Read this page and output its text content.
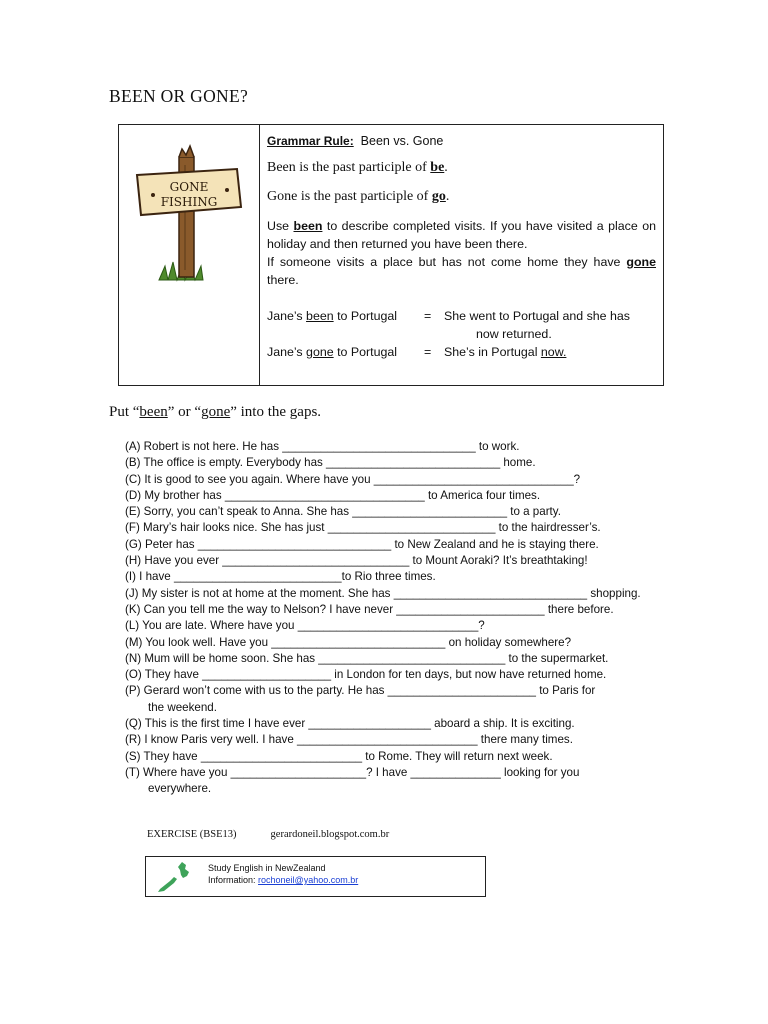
BEEN OR GONE?
GONE
FISHING
Grammar Rule: Been vs. Gone
Been is the past participle of be.
Gone is the past participle of go.
Use been to describe completed visits. If you have visited a place on holiday and then returned you have been there.
If someone visits a place but has not come home they have gone there.
Jane’s been to Portugal	=	She went to Portugal and she has
now returned.
Jane’s gone to Portugal	=	She’s in Portugal now.
Put “been” or “gone” into the gaps.
(A) Robert is not here. He has ______________________________ to work.
(B) The office is empty. Everybody has ___________________________ home.
(C) It is good to see you again. Where have you _______________________________?
(D) My brother has _______________________________ to America four times.
(E) Sorry, you can’t speak to Anna. She has ________________________ to a party.
(F) Mary’s hair looks nice. She has just __________________________ to the hairdresser’s.
(G) Peter has ______________________________ to New Zealand and he is staying there.
(H) Have you ever _____________________________ to Mount Aoraki? It’s breathtaking!
(I) I have __________________________to Rio three times.
(J) My sister is not at home at the moment. She has ______________________________ shopping.
(K) Can you tell me the way to Nelson? I have never _______________________ there before.
(L) You are late. Where have you ____________________________?
(M) You look well. Have you ___________________________ on holiday somewhere?
(N) Mum will be home soon. She has _____________________________ to the supermarket.
(O) They have ____________________ in London for ten days, but now have returned home.
(P) Gerard won’t come with us to the party. He has _______________________ to Paris for
the weekend.
(Q) This is the first time I have ever ___________________ aboard a ship. It is exciting.
(R) I know Paris very well. I have ____________________________ there many times.
(S) They have _________________________ to Rome. They will return next week.
(T) Where have you _____________________? I have ______________ looking for you
everywhere.
EXERCISE (BSE13)	gerardoneil.blogspot.com.br
Study English in NewZealand
Information: rochoneil@yahoo.com.br
